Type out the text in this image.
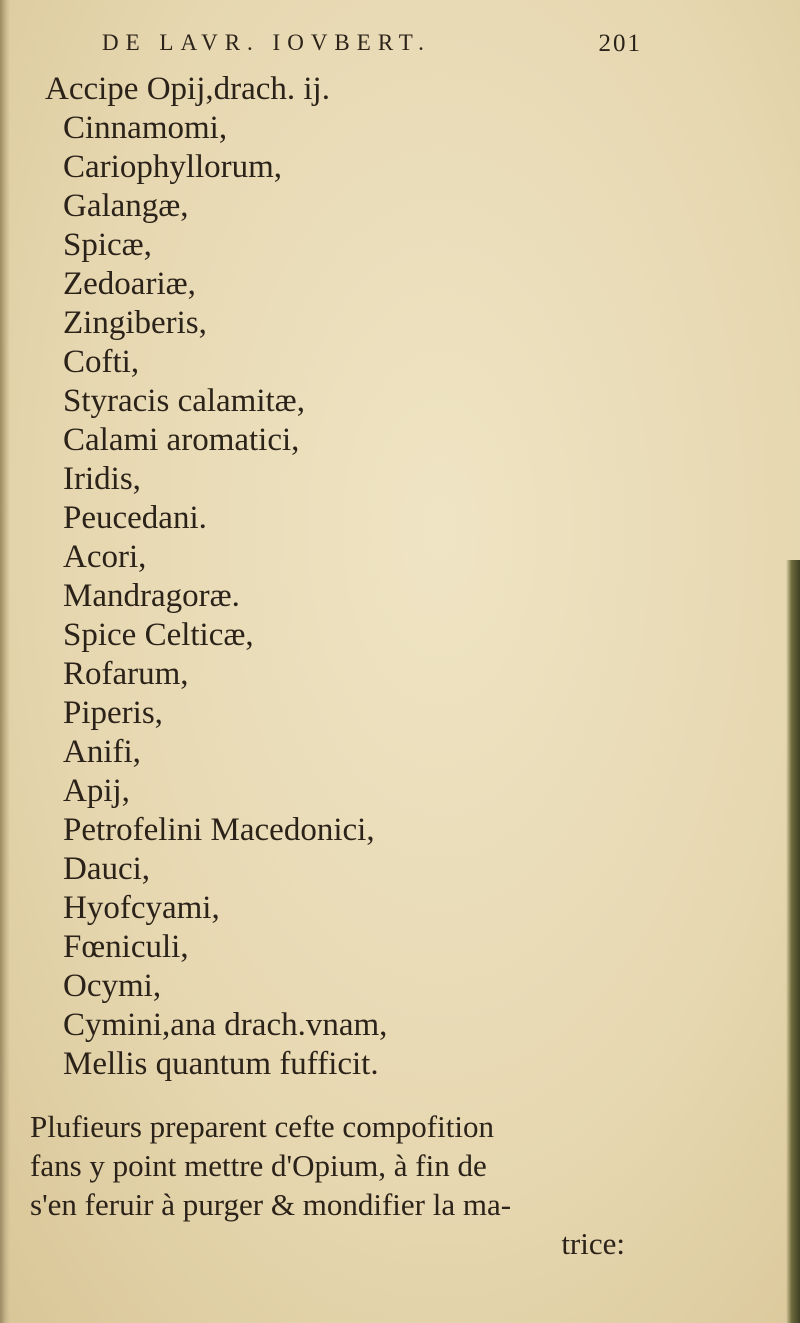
DE LAVR. IOVBERT.	201
Accipe Opij,drach. ij.
Cinnamomi,
Cariophyllorum,
Galangæ,
Spicæ,
Zedoariæ,
Zingiberis,
Cofti,
Styracis calamitæ,
Calami aromatici,
Iridis,
Peucedani.
Acori,
Mandragoræ.
Spice Celticæ,
Rofarum,
Piperis,
Anifi,
Apij,
Petrofelini Macedonici,
Dauci,
Hyofcyami,
Fœniculi,
Ocymi,
Cymini,ana drach.vnam,
Mellis quantum fufficit.
Plufieurs preparent cefte compofition
fans y point mettre d'Opium, à fin de
s'en feruir à purger & mondifier la ma-
trice:
